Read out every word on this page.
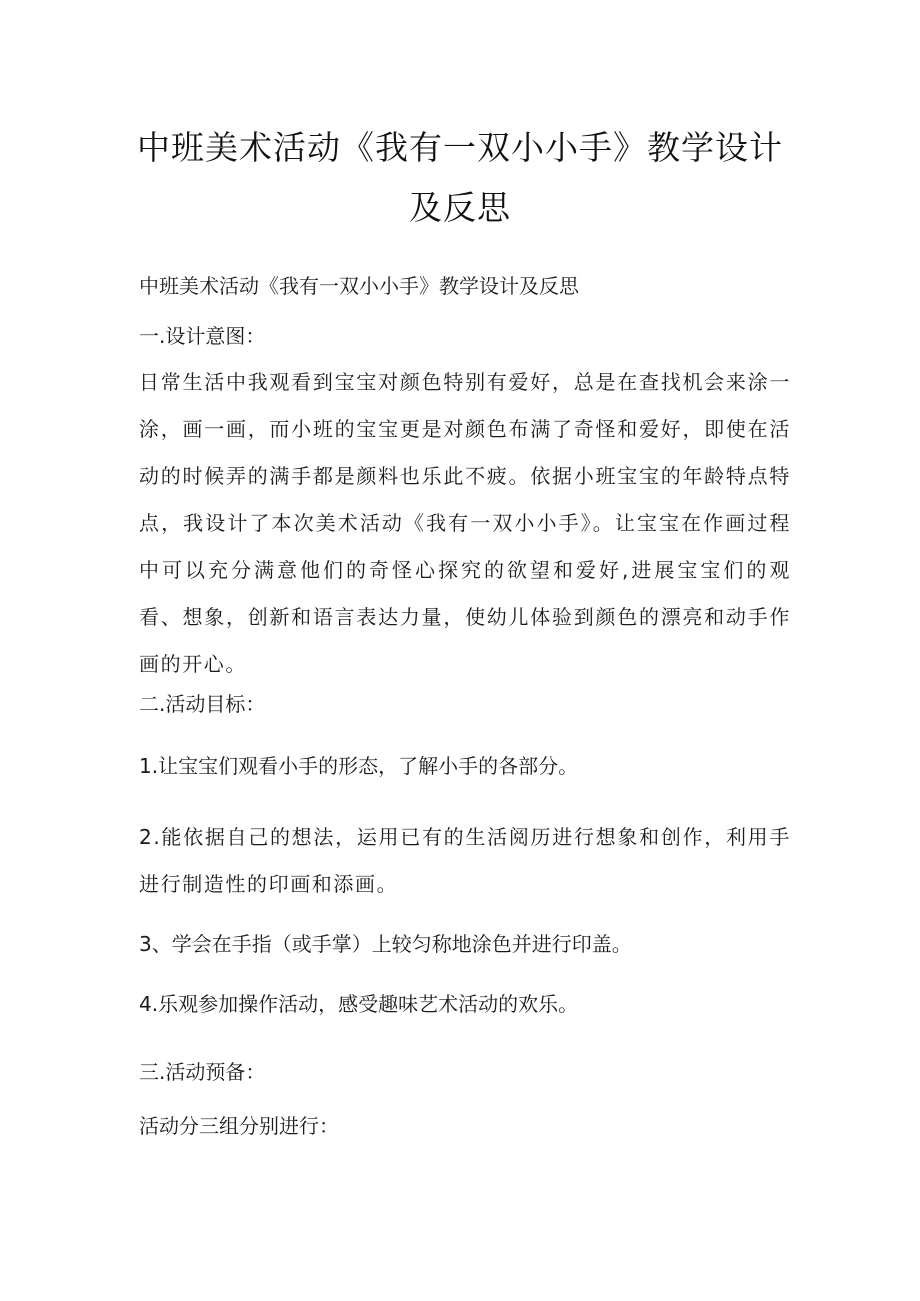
中班美术活动《我有一双小小手》教学设计
及反思
中班美术活动《我有一双小小手》教学设计及反思
一.设计意图：
日常生活中我观看到宝宝对颜色特别有爱好，总是在查找机会来涂一涂，画一画，而小班的宝宝更是对颜色布满了奇怪和爱好，即使在活动的时候弄的满手都是颜料也乐此不疲。依据小班宝宝的年龄特点特点，我设计了本次美术活动《我有一双小小手》。让宝宝在作画过程中可以充分满意他们的奇怪心探究的欲望和爱好,进展宝宝们的观看、想象，创新和语言表达力量，使幼儿体验到颜色的漂亮和动手作画的开心。
二.活动目标：
1.让宝宝们观看小手的形态，了解小手的各部分。
2.能依据自己的想法，运用已有的生活阅历进行想象和创作，利用手进行制造性的印画和添画。
3、学会在手指（或手掌）上较匀称地涂色并进行印盖。
4.乐观参加操作活动，感受趣味艺术活动的欢乐。
三.活动预备：
活动分三组分别进行：
